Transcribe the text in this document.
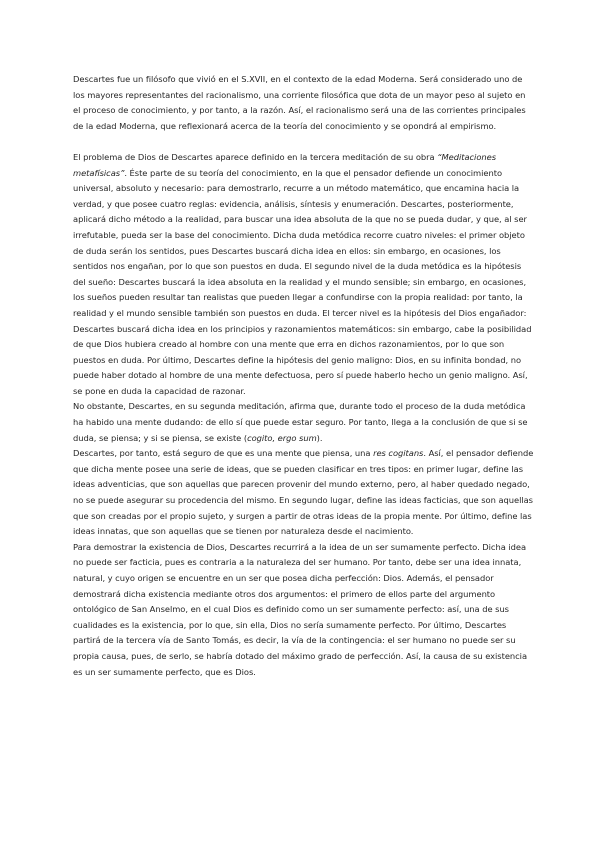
Descartes fue un filósofo que vivió en el S.XVII, en el contexto de la edad Moderna. Será considerado uno de los mayores representantes del racionalismo, una corriente filosófica que dota de un mayor peso al sujeto en el proceso de conocimiento, y por tanto, a la razón. Así, el racionalismo será una de las corrientes principales de la edad Moderna, que reflexionará acerca de la teoría del conocimiento y se opondrá al empirismo.

El problema de Dios de Descartes aparece definido en la tercera meditación de su obra “Meditaciones metafísicas”. Éste parte de su teoría del conocimiento, en la que el pensador defiende un conocimiento universal, absoluto y necesario: para demostrarlo, recurre a un método matemático, que encamina hacia la verdad, y que posee cuatro reglas: evidencia, análisis, síntesis y enumeración. Descartes, posteriormente, aplicará dicho método a la realidad, para buscar una idea absoluta de la que no se pueda dudar, y que, al ser irrefutable, pueda ser la base del conocimiento. Dicha duda metódica recorre cuatro niveles: el primer objeto de duda serán los sentidos, pues Descartes buscará dicha idea en ellos: sin embargo, en ocasiones, los sentidos nos engañan, por lo que son puestos en duda. El segundo nivel de la duda metódica es la hipótesis del sueño: Descartes buscará la idea absoluta en la realidad y el mundo sensible; sin embargo, en ocasiones, los sueños pueden resultar tan realistas que pueden llegar a confundirse con la propia realidad: por tanto, la realidad y el mundo sensible también son puestos en duda. El tercer nivel es la hipótesis del Dios engañador: Descartes buscará dicha idea en los principios y razonamientos matemáticos: sin embargo, cabe la posibilidad de que Dios hubiera creado al hombre con una mente que erra en dichos razonamientos, por lo que son puestos en duda. Por último, Descartes define la hipótesis del genio maligno: Dios, en su infinita bondad, no puede haber dotado al hombre de una mente defectuosa, pero sí puede haberlo hecho un genio maligno. Así, se pone en duda la capacidad de razonar.

No obstante, Descartes, en su segunda meditación, afirma que, durante todo el proceso de la duda metódica ha habido una mente dudando: de ello sí que puede estar seguro. Por tanto, llega a la conclusión de que si se duda, se piensa; y si se piensa, se existe (cogito, ergo sum).

Descartes, por tanto, está seguro de que es una mente que piensa, una res cogitans. Así, el pensador defiende que dicha mente posee una serie de ideas, que se pueden clasificar en tres tipos: en primer lugar, define las ideas adventicias, que son aquellas que parecen provenir del mundo externo, pero, al haber quedado negado, no se puede asegurar su procedencia del mismo. En segundo lugar, define las ideas facticias, que son aquellas que son creadas por el propio sujeto, y surgen a partir de otras ideas de la propia mente. Por último, define las ideas innatas, que son aquellas que se tienen por naturaleza desde el nacimiento.

Para demostrar la existencia de Dios, Descartes recurrirá a la idea de un ser sumamente perfecto. Dicha idea no puede ser facticia, pues es contraria a la naturaleza del ser humano. Por tanto, debe ser una idea innata, natural, y cuyo origen se encuentre en un ser que posea dicha perfección: Dios. Además, el pensador demostrará dicha existencia mediante otros dos argumentos: el primero de ellos parte del argumento ontológico de San Anselmo, en el cual Dios es definido como un ser sumamente perfecto: así, una de sus cualidades es la existencia, por lo que, sin ella, Dios no sería sumamente perfecto. Por último, Descartes partirá de la tercera vía de Santo Tomás, es decir, la vía de la contingencia: el ser humano no puede ser su propia causa, pues, de serlo, se habría dotado del máximo grado de perfección. Así, la causa de su existencia es un ser sumamente perfecto, que es Dios.
